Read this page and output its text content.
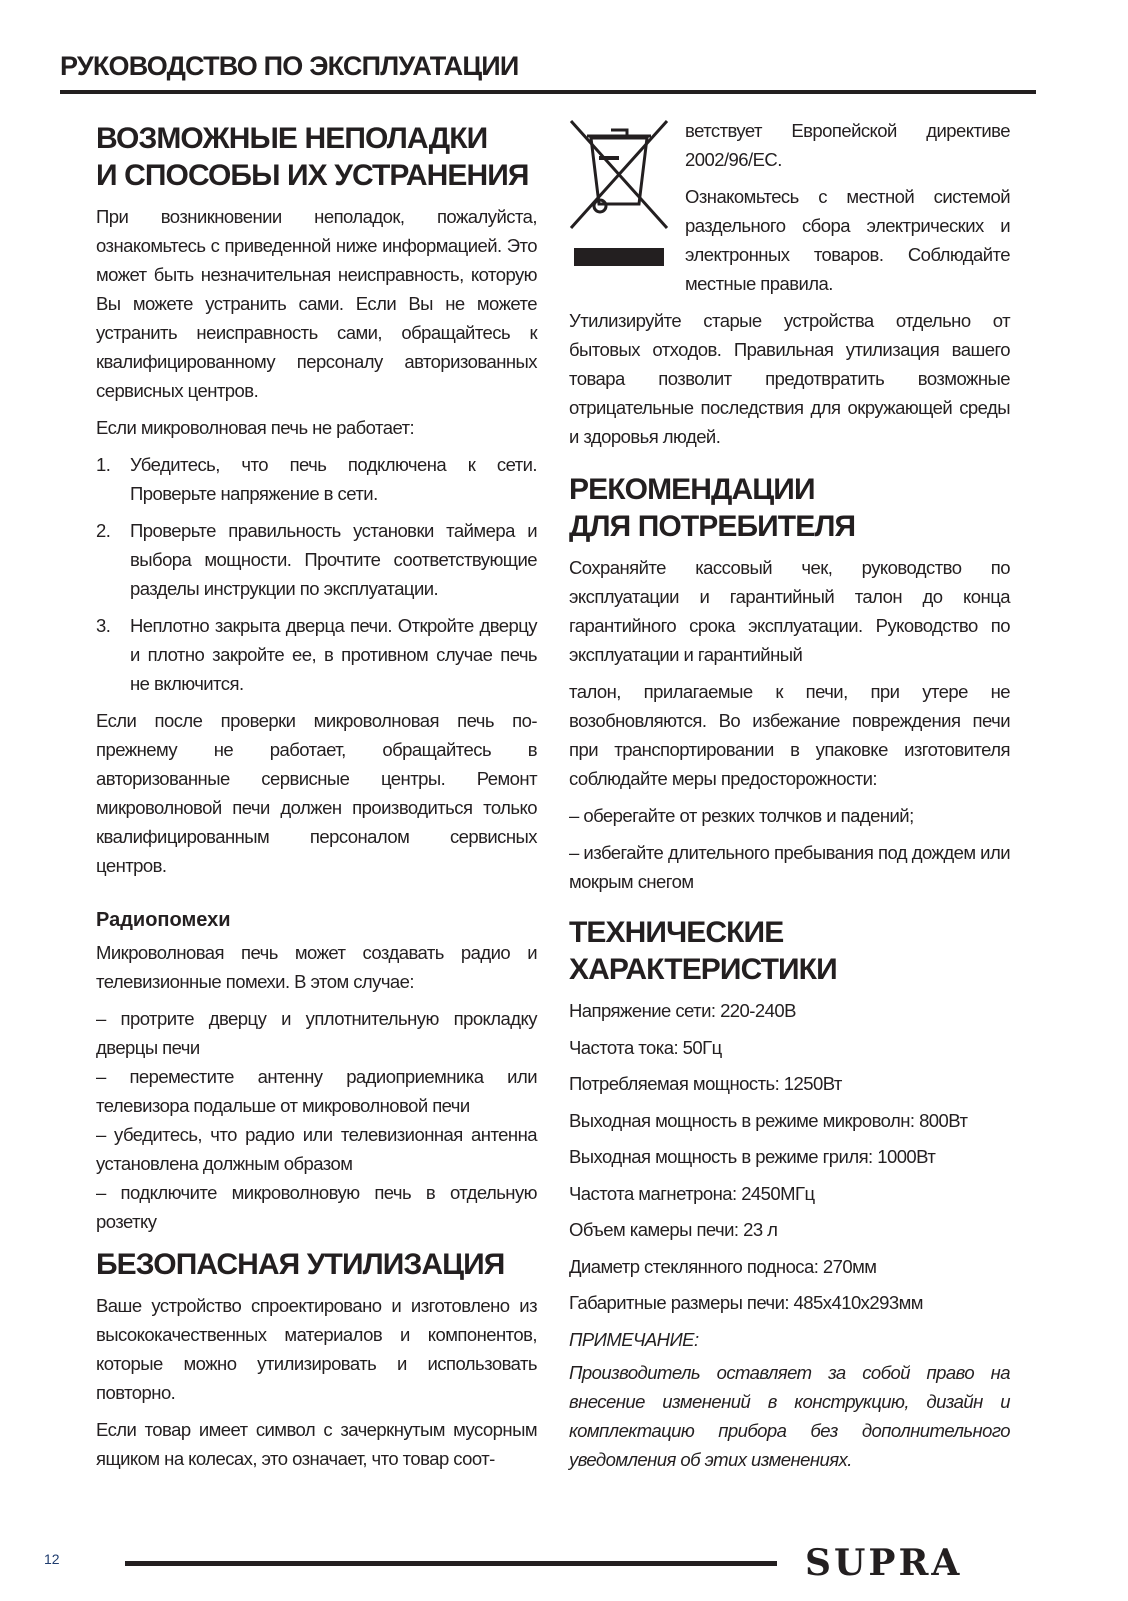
РУКОВОДСТВО ПО ЭКСПЛУАТАЦИИ
ВОЗМОЖНЫЕ НЕПОЛАДКИ
И СПОСОБЫ ИХ УСТРАНЕНИЯ

При возникновении неполадок, пожалуйста, ознакомьтесь с приведенной ниже информацией. Это может быть незначительная неисправность, которую Вы можете устранить сами. Если Вы не можете устранить неисправность сами, обращайтесь к квалифицированному персоналу авторизованных сервисных центров.

Если микроволновая печь не работает:

1.	Убедитесь, что печь подключена к сети. Проверьте напряжение в сети.
2.	Проверьте правильность установки таймера и выбора мощности. Прочтите соответствующие разделы инструкции по эксплуатации.
3.	Неплотно закрыта дверца печи. Откройте дверцу и плотно закройте ее, в противном случае печь не включится.

Если после проверки микроволновая печь по-прежнему не работает, обращайтесь в авторизованные сервисные центры. Ремонт микроволновой печи должен производиться только квалифицированным персоналом сервисных центров.

Радиопомехи

Микроволновая печь может создавать радио и телевизионные помехи. В этом случае:

– протрите дверцу и уплотнительную прокладку дверцы печи

– переместите антенну радиоприемника или телевизора подальше от микроволновой печи

– убедитесь, что радио или телевизионная антенна установлена должным образом

– подключите микроволновую печь в отдельную розетку

БЕЗОПАСНАЯ УТИЛИЗАЦИЯ

Ваше устройство спроектировано и изготовлено из высококачественных материалов и компонентов, которые можно утилизировать и использовать повторно.

Если товар имеет символ с зачеркнутым мусорным ящиком на колесах, это означает, что товар соот-

ветствует Европейской директиве 2002/96/EC.

Ознакомьтесь с местной системой раздельного сбора электрических и электронных товаров. Соблюдайте местные правила.

Утилизируйте старые устройства отдельно от бытовых отходов. Правильная утилизация вашего товара позволит предотвратить возможные отрицательные последствия для окружающей среды и здоровья людей.

РЕКОМЕНДАЦИИ
ДЛЯ ПОТРЕБИТЕЛЯ

Сохраняйте кассовый чек, руководство по эксплуатации и гарантийный талон до конца гарантийного срока эксплуатации. Руководство по эксплуатации и гарантийный

талон, прилагаемые к печи, при утере не возобновляются. Во избежание повреждения печи при транспортировании в упаковке изготовителя соблюдайте меры предосторожности:

– оберегайте от резких толчков и падений;

– избегайте длительного пребывания под дождем или мокрым снегом

ТЕХНИЧЕСКИЕ ХАРАКТЕРИСТИКИ

Напряжение сети: 220-240В

Частота тока: 50Гц

Потребляемая мощность: 1250Вт

Выходная мощность в режиме микроволн: 800Вт

Выходная мощность в режиме гриля: 1000Вт

Частота магнетрона: 2450МГц

Объем камеры печи: 23 л

Диаметр стеклянного подноса: 270мм

Габаритные размеры печи: 485х410х293мм

ПРИМЕЧАНИЕ:

Производитель оставляет за собой право на внесение изменений в конструкцию, дизайн и комплектацию прибора без дополнительного уведомления об этих изменениях.

12	SUPRA
